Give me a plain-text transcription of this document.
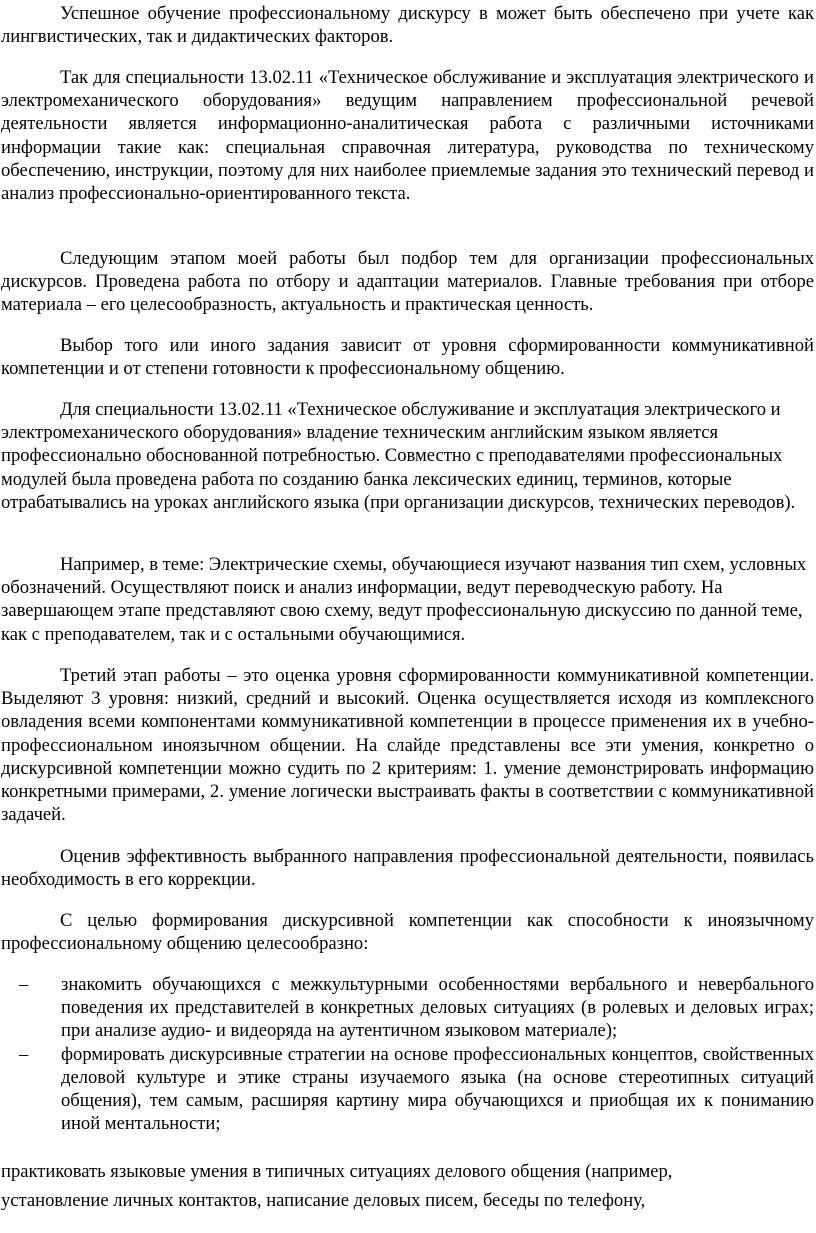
Успешное обучение профессиональному дискурсу в может быть обеспечено при учете как лингвистических, так и дидактических факторов.

Так для специальности 13.02.11 «Техническое обслуживание и эксплуатация электрического и электромеханического оборудования» ведущим направлением профессиональной речевой деятельности является информационно-аналитическая работа с различными источниками информации такие как: специальная справочная литература, руководства по техническому обеспечению, инструкции, поэтому для них наиболее приемлемые задания это технический перевод и анализ профессионально-ориентированного текста.

Следующим этапом моей работы был подбор тем для организации профессиональных дискурсов. Проведена работа по отбору и адаптации материалов. Главные требования при отборе материала – его целесообразность, актуальность и практическая ценность.

Выбор того или иного задания зависит от уровня сформированности коммуникативной компетенции и от степени готовности к профессиональному общению.

Для специальности 13.02.11 «Техническое обслуживание и эксплуатация электрического и электромеханического оборудования» владение техническим английским языком является профессионально обоснованной потребностью. Совместно с преподавателями профессиональных модулей была проведена работа по созданию банка лексических единиц, терминов, которые отрабатывались на уроках английского языка (при организации дискурсов, технических переводов).

Например, в теме: Электрические схемы, обучающиеся изучают названия тип схем, условных обозначений. Осуществляют поиск и анализ информации, ведут переводческую работу. На завершающем этапе представляют свою схему, ведут профессиональную дискуссию по данной теме, как с преподавателем, так и с остальными обучающимися.

Третий этап работы – это оценка уровня сформированности коммуникативной компетенции. Выделяют 3 уровня: низкий, средний и высокий. Оценка осуществляется исходя из комплексного овладения всеми компонентами коммуникативной компетенции в процессе применения их в учебно-профессиональном иноязычном общении. На слайде представлены все эти умения, конкретно о дискурсивной компетенции можно судить по 2 критериям: 1. умение демонстрировать информацию конкретными примерами, 2. умение логически выстраивать факты в соответствии с коммуникативной задачей.

Оценив эффективность выбранного направления профессиональной деятельности, появилась необходимость в его коррекции.

С целью формирования дискурсивной компетенции как способности к иноязычному профессиональному общению целесообразно:

– знакомить обучающихся с межкультурными особенностями вербального и невербального поведения их представителей в конкретных деловых ситуациях (в ролевых и деловых играх; при анализе аудио- и видеоряда на аутентичном языковом материале);
– формировать дискурсивные стратегии на основе профессиональных концептов, свойственных деловой культуре и этике страны изучаемого языка (на основе стереотипных ситуаций общения), тем самым, расширяя картину мира обучающихся и приобщая их к пониманию иной ментальности;

практиковать языковые умения в типичных ситуациях делового общения (например,

установление личных контактов, написание деловых писем, беседы по телефону,
